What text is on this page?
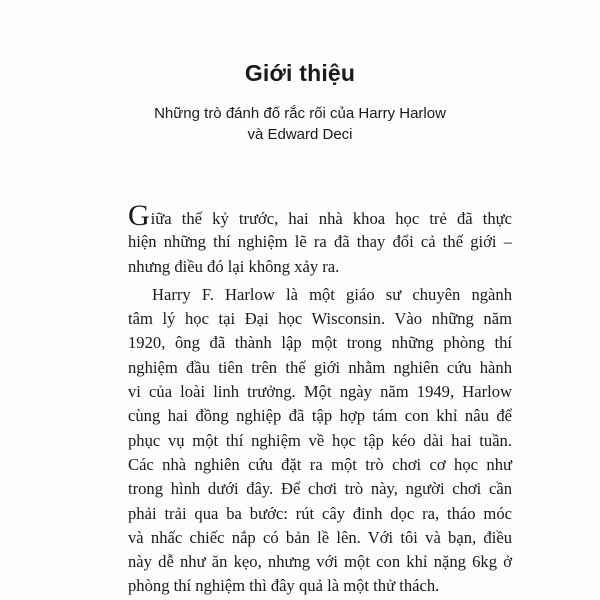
Giới thiệu
Những trò đánh đố rắc rối của Harry Harlow
và Edward Deci
Giữa thế kỷ trước, hai nhà khoa học trẻ đã thực
hiện những thí nghiệm lẽ ra đã thay đổi cả thế giới –
nhưng điều đó lại không xảy ra.
Harry F. Harlow là một giáo sư chuyên ngành
tâm lý học tại Đại học Wisconsin. Vào những năm
1920, ông đã thành lập một trong những phòng thí
nghiệm đầu tiên trên thế giới nhằm nghiên cứu hành
vi của loài linh trưởng. Một ngày năm 1949, Harlow
cùng hai đồng nghiệp đã tập hợp tám con khỉ nâu để
phục vụ một thí nghiệm về học tập kéo dài hai tuần.
Các nhà nghiên cứu đặt ra một trò chơi cơ học như
trong hình dưới đây. Để chơi trò này, người chơi cần
phải trải qua ba bước: rút cây đinh dọc ra, tháo móc
và nhấc chiếc nắp có bản lề lên. Với tôi và bạn, điều
này dễ như ăn kẹo, nhưng với một con khỉ nặng 6kg ở
phòng thí nghiệm thì đây quả là một thử thách.
